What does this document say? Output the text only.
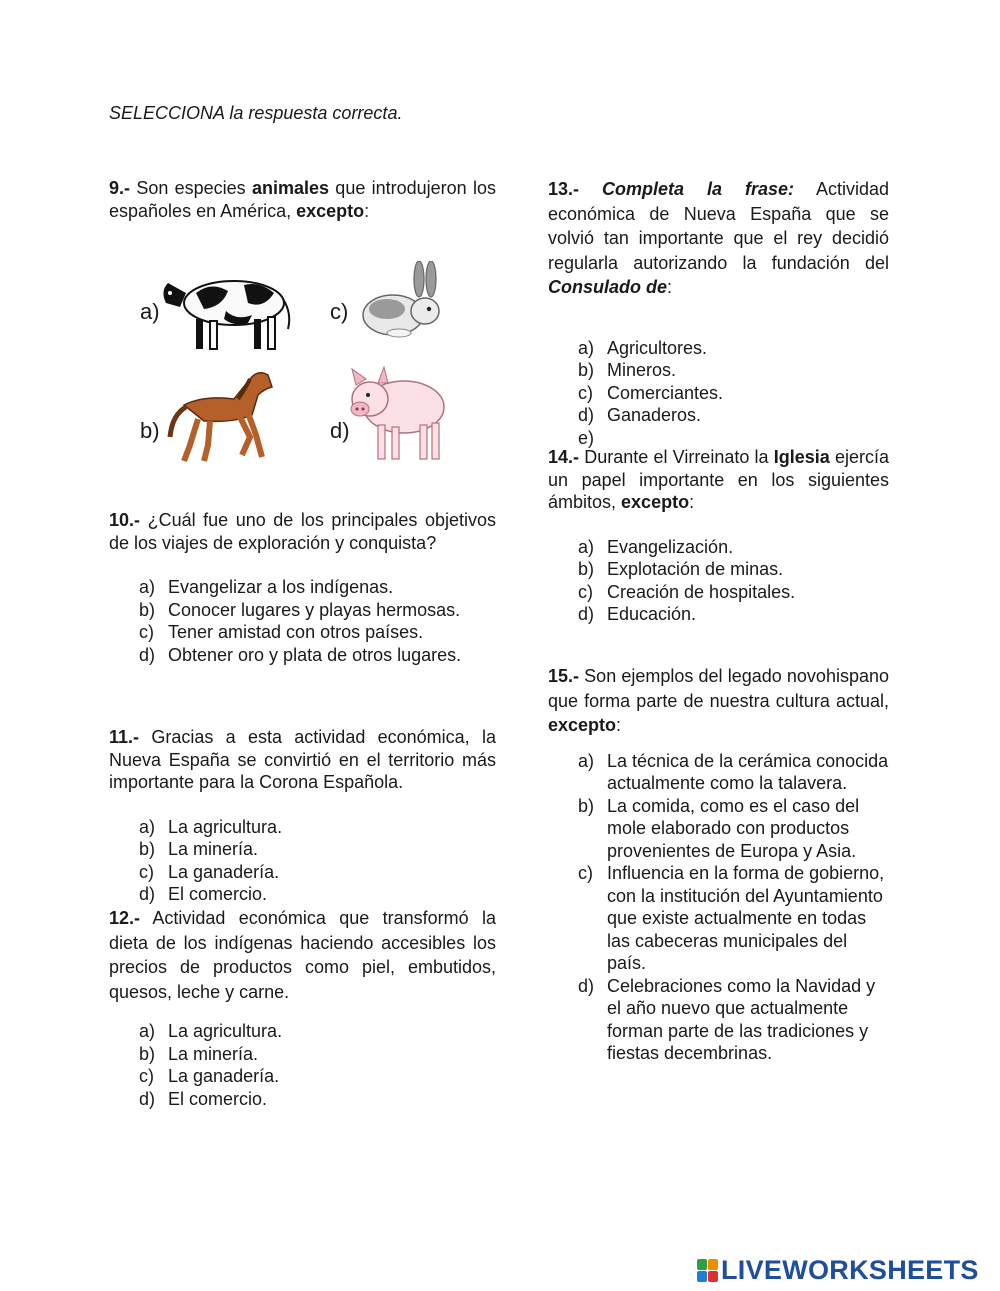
SELECCIONA la respuesta correcta.

9.- Son especies animales que introdujeron los españoles en América, excepto:

a)	c)
b)	d)

10.- ¿Cuál fue uno de los principales objetivos de los viajes de exploración y conquista?

a) Evangelizar a los indígenas.
b) Conocer lugares y playas hermosas.
c) Tener amistad con otros países.
d) Obtener oro y plata de otros lugares.

11.- Gracias a esta actividad económica, la Nueva España se convirtió en el territorio más importante para la Corona Española.

a) La agricultura.
b) La minería.
c) La ganadería.
d) El comercio.

12.- Actividad económica que transformó la dieta de los indígenas haciendo accesibles los precios de productos como piel, embutidos, quesos, leche y carne.

a) La agricultura.
b) La minería.
c) La ganadería.
d) El comercio.

13.- Completa la frase: Actividad económica de Nueva España que se volvió tan importante que el rey decidió regularla autorizando la fundación del Consulado de:

a) Agricultores.
b) Mineros.
c) Comerciantes.
d) Ganaderos.
e)

14.- Durante el Virreinato la Iglesia ejercía un papel importante en los siguientes ámbitos, excepto:

a) Evangelización.
b) Explotación de minas.
c) Creación de hospitales.
d) Educación.

15.- Son ejemplos del legado novohispano que forma parte de nuestra cultura actual, excepto:

a) La técnica de la cerámica conocida actualmente como la talavera.
b) La comida, como es el caso del mole elaborado con productos provenientes de Europa y Asia.
c) Influencia en la forma de gobierno, con la institución del Ayuntamiento que existe actualmente en todas las cabeceras municipales del país.
d) Celebraciones como la Navidad y el año nuevo que actualmente forman parte de las tradiciones y fiestas decembrinas.
LIVEWORKSHEETS
